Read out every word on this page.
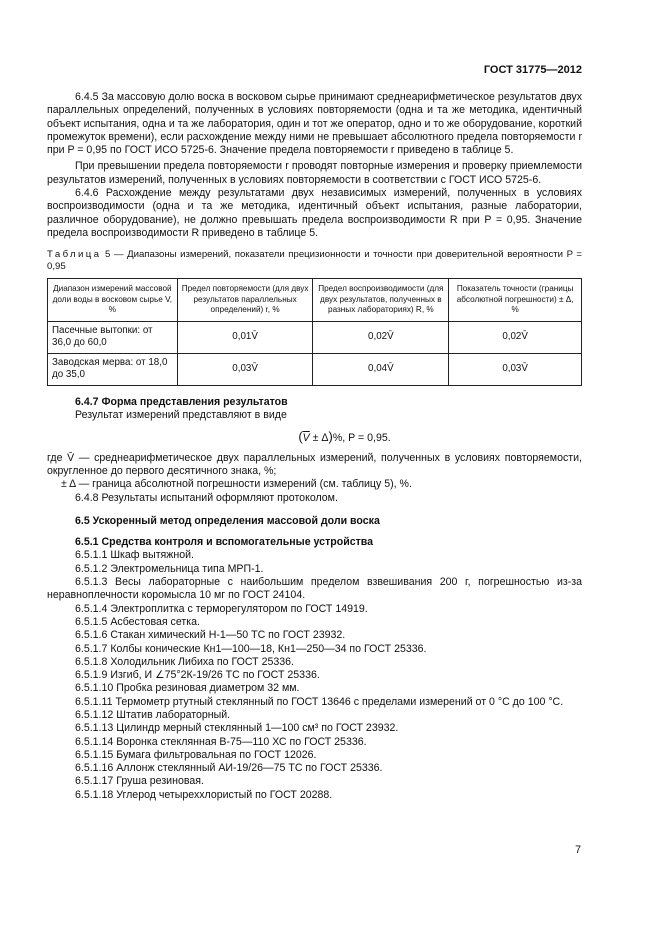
ГОСТ 31775—2012

6.4.5 За массовую долю воска в восковом сырье принимают среднеарифметическое результатов двух параллельных определений, полученных в условиях повторяемости (одна и та же методика, идентичный объект испытания, одна и та же лаборатория, один и тот же оператор, одно и то же оборудование, короткий промежуток времени), если расхождение между ними не превышает абсолютного предела повторяемости r при P = 0,95 по ГОСТ ИСО 5725-6. Значение предела повторяемости r приведено в таблице 5.

При превышении предела повторяемости r проводят повторные измерения и проверку приемлемости результатов измерений, полученных в условиях повторяемости в соответствии с ГОСТ ИСО 5725-6.

6.4.6 Расхождение между результатами двух независимых измерений, полученных в условиях воспроизводимости (одна и та же методика, идентичный объект испытания, разные лаборатории, различное оборудование), не должно превышать предела воспроизводимости R при P = 0,95. Значение предела воспроизводимости R приведено в таблице 5.

Таблица 5 — Диапазоны измерений, показатели прецизионности и точности при доверительной вероятности P = 0,95

Диапазон измерений массовой доли воды в восковом сырье V, %	Предел повторяемости (для двух результатов параллельных определений) r, %	Предел воспроизводимости (для двух результатов, полученных в разных лабораториях) R, %	Показатель точности (границы абсолютной погрешности) ± Δ, %
Пасечные вытопки: от 36,0 до 60,0	0,01V̄	0,02V̄	0,02V̄
Заводская мерва: от 18,0 до 35,0	0,03V̄	0,04V̄	0,03V̄

6.4.7 Форма представления результатов

Результат измерений представляют в виде

$(\overline{V} \pm \Delta)\%$, P = 0,95.

где V̄ — среднеарифметическое двух параллельных измерений, полученных в условиях повторяемости, округленное до первого десятичного знака, %;

± Δ — граница абсолютной погрешности измерений (см. таблицу 5), %.

6.4.8 Результаты испытаний оформляют протоколом.

6.5 Ускоренный метод определения массовой доли воска

6.5.1 Средства контроля и вспомогательные устройства

6.5.1.1 Шкаф вытяжной.

6.5.1.2 Электромельница типа МРП-1.

6.5.1.3 Весы лабораторные с наибольшим пределом взвешивания 200 г, погрешностью из-за неравноплечности коромысла 10 мг по ГОСТ 24104.

6.5.1.4 Электроплитка с терморегулятором по ГОСТ 14919.

6.5.1.5 Асбестовая сетка.

6.5.1.6 Стакан химический Н-1—50 ТС по ГОСТ 23932.

6.5.1.7 Колбы конические Кн1—100—18, Кн1—250—34 по ГОСТ 25336.

6.5.1.8 Холодильник Либиха по ГОСТ 25336.

6.5.1.9 Изгиб, И ∠75°2К-19/26 ТС по ГОСТ 25336.

6.5.1.10 Пробка резиновая диаметром 32 мм.

6.5.1.11 Термометр ртутный стеклянный по ГОСТ 13646 с пределами измерений от 0 °С до 100 °С.

6.5.1.12 Штатив лабораторный.

6.5.1.13 Цилиндр мерный стеклянный 1—100 см³ по ГОСТ 23932.

6.5.1.14 Воронка стеклянная В-75—110 ХС по ГОСТ 25336.

6.5.1.15 Бумага фильтровальная по ГОСТ 12026.

6.5.1.16 Аллонж стеклянный АИ-19/26—75 ТС по ГОСТ 25336.

6.5.1.17 Груша резиновая.

6.5.1.18 Углерод четыреххлористый по ГОСТ 20288.

7
